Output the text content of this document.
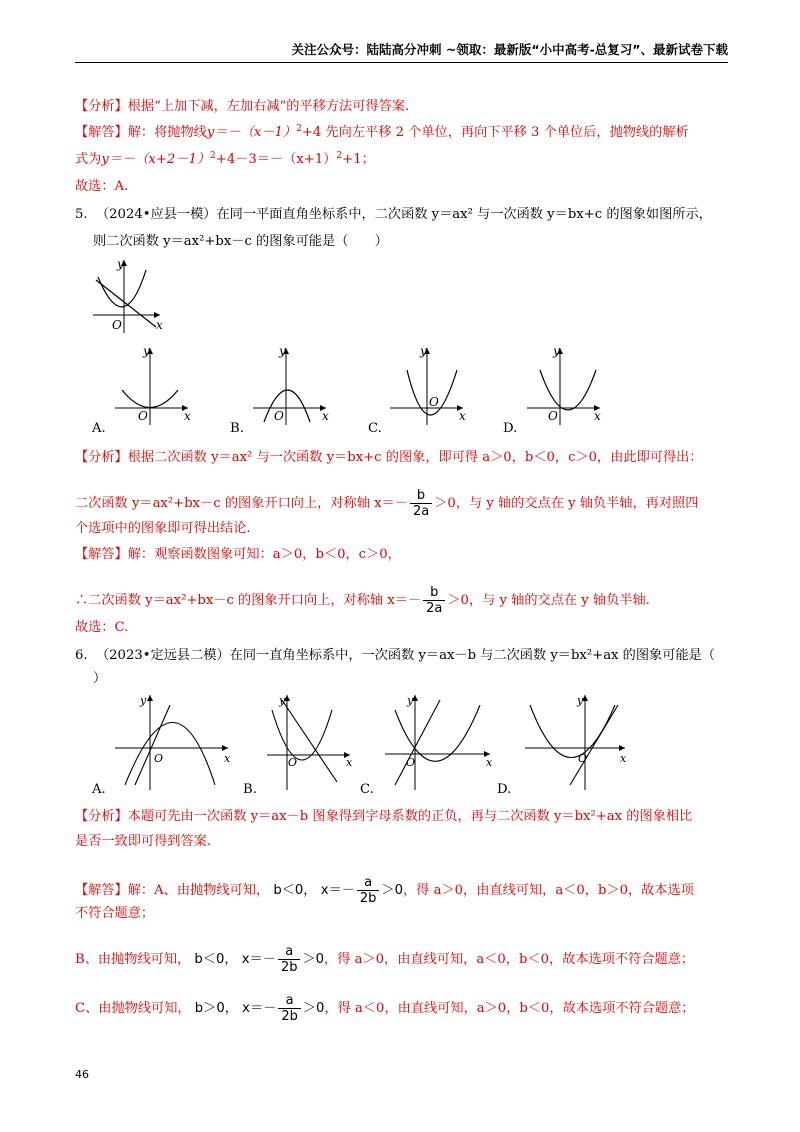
关注公众号：陆陆高分冲刺 ~领取：最新版“小中高考-总复习”、最新试卷下载
【分析】根据“上加下减，左加右减“的平移方法可得答案.
【解答】解：将抛物线$y=-(x-1)^2+4$ 先向左平移 2 个单位，再向下平移 3 个单位后，抛物线的解析
式为$y=-(x+2-1)^2+4-3=-(x+1)^2+1$；
故选：A.
5. （2024•应县一模）在同一平面直角坐标系中，二次函数 y＝ax² 与一次函数 y＝bx+c 的图象如图所示，
则二次函数 y＝ax²+bx－c 的图象可能是（　　）
y
x
O
y
x
O
A.
y
x
O
B.
y
x
O
C.
y
x
O
D.
【分析】根据二次函数 y＝ax² 与一次函数 y＝bx+c 的图象，即可得 a＞0，b＜0，c＞0，由此即可得出：
二次函数 y＝ax²+bx－c 的图象开口向上，对称轴 $x=- \frac{b}{2a} >0$，与 y 轴的交点在 y 轴负半轴，再对照四
个选项中的图象即可得出结论.
【解答】解：观察函数图象可知：a＞0，b＜0，c＞0，
∴二次函数 y＝ax²+bx－c 的图象开口向上，对称轴 $x=- \frac{b}{2a} >0$，与 y 轴的交点在 y 轴负半轴.
故选：C.
6. （2023•定远县二模）在同一直角坐标系中，一次函数 y＝ax－b 与二次函数 y＝bx²+ax 的图象可能是（
）
y
x
O
A.
y
x
O
B.
y
x
O
C.
y
x
O
D.
【分析】本题可先由一次函数 y＝ax－b 图象得到字母系数的正负，再与二次函数 y＝bx²+ax 的图象相比
是否一致即可得到答案.
【解答】解：A、由抛物线可知， b＜0， $x=- \frac{a}{2b} >0$，得 a＞0，由直线可知，a＜0，b＞0，故本选项
不符合题意；
B、由抛物线可知， b＜0， $x=- \frac{a}{2b} >0$，得 a＞0，由直线可知，a＜0，b＜0，故本选项不符合题意；
C、由抛物线可知， b＞0， $x=- \frac{a}{2b} >0$，得 a＜0，由直线可知，a＞0，b＜0，故本选项不符合题意；
46
